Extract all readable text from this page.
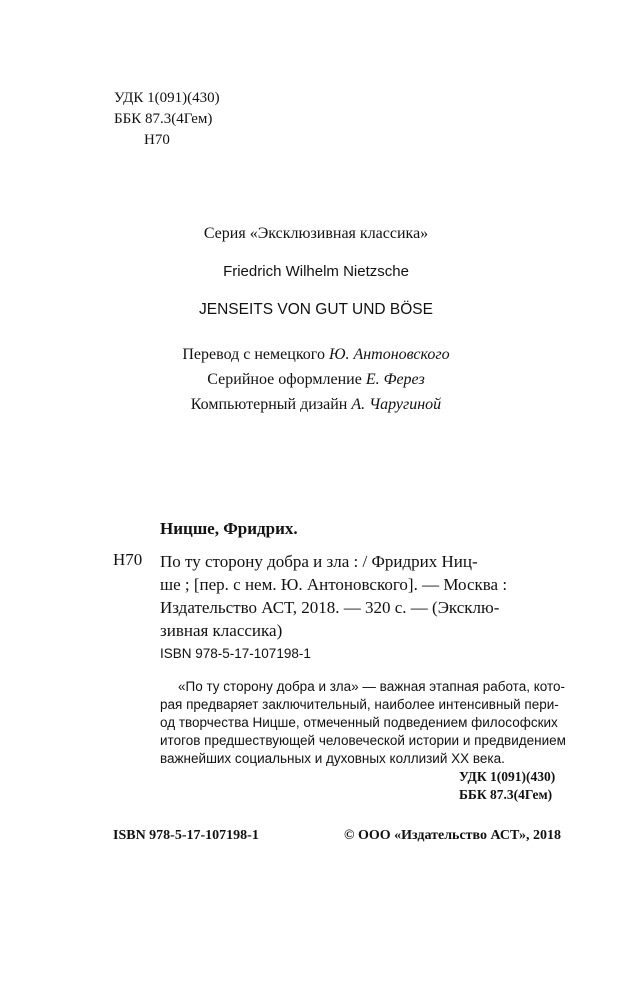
УДК 1(091)(430)
ББК 87.3(4Гем)
Н70
Серия «Эксклюзивная классика»
Friedrich Wilhelm Nietzsche
JENSEITS VON GUT UND BÖSE
Перевод с немецкого Ю. Антоновского
Серийное оформление Е. Ферез
Компьютерный дизайн А. Чаругиной
Ницше, Фридрих.
Н70 По ту сторону добра и зла : / Фридрих Ниц-
ше ; [пер. с нем. Ю. Антоновского]. — Москва :
Издательство АСТ, 2018. — 320 с. — (Эксклю-
зивная классика)
ISBN 978-5-17-107198-1
«По ту сторону добра и зла» — важная этапная работа, кото-
рая предваряет заключительный, наиболее интенсивный пери-
од творчества Ницше, отмеченный подведением философских
итогов предшествующей человеческой истории и предвидением
важнейших социальных и духовных коллизий XX века.
УДК 1(091)(430)
ББК 87.3(4Гем)
ISBN 978-5-17-107198-1	© ООО «Издательство АСТ», 2018
